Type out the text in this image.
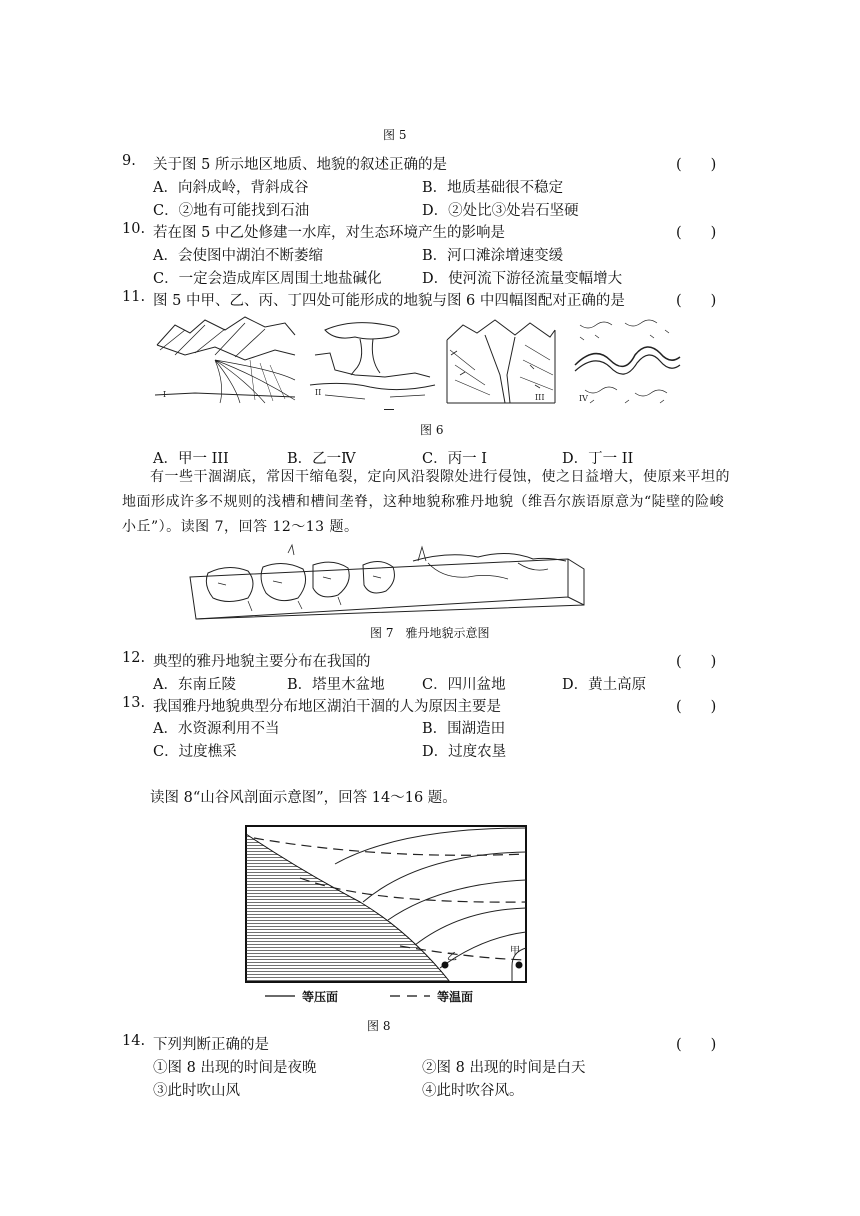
图 5
9. 关于图 5 所示地区地质、地貌的叙述正确的是	(　　)
A．向斜成岭，背斜成谷	B．地质基础很不稳定
C．②地有可能找到石油	D．②处比③处岩石坚硬
10. 若在图 5 中乙处修建一水库，对生态环境产生的影响是	(　　)
A．会使图中湖泊不断萎缩	B．河口滩涂增速变缓
C．一定会造成库区周围土地盐碱化	D．使河流下游径流量变幅增大
11. 图 5 中甲、乙、丙、丁四处可能形成的地貌与图 6 中四幅图配对正确的是	(　　)
I	II
III	IV
图 6
A．甲一 III	B．乙一Ⅳ	C．丙一 I	D．丁一 II
有一些干涸湖底，常因干缩龟裂，定向风沿裂隙处进行侵蚀，使之日益增大，使原来平坦的地面形成许多不规则的浅槽和槽间垄脊，这种地貌称雅丹地貌（维吾尔族语原意为“陡壁的险峻小丘”）。读图 7，回答 12～13 题。
图 7　雅丹地貌示意图
12. 典型的雅丹地貌主要分布在我国的	(　　)
A．东南丘陵	B．塔里木盆地	C．四川盆地	D．黄土高原
13. 我国雅丹地貌典型分布地区湖泊干涸的人为原因主要是	(　　)
A．水资源利用不当	B．围湖造田
C．过度樵采	D．过度农垦
读图 8“山谷风剖面示意图”，回答 14～16 题。
乙
甲
等压面	等温面
图 8
14. 下列判断正确的是	(　　)
①图 8 出现的时间是夜晚	②图 8 出现的时间是白天
③此时吹山风	④此时吹谷风。
